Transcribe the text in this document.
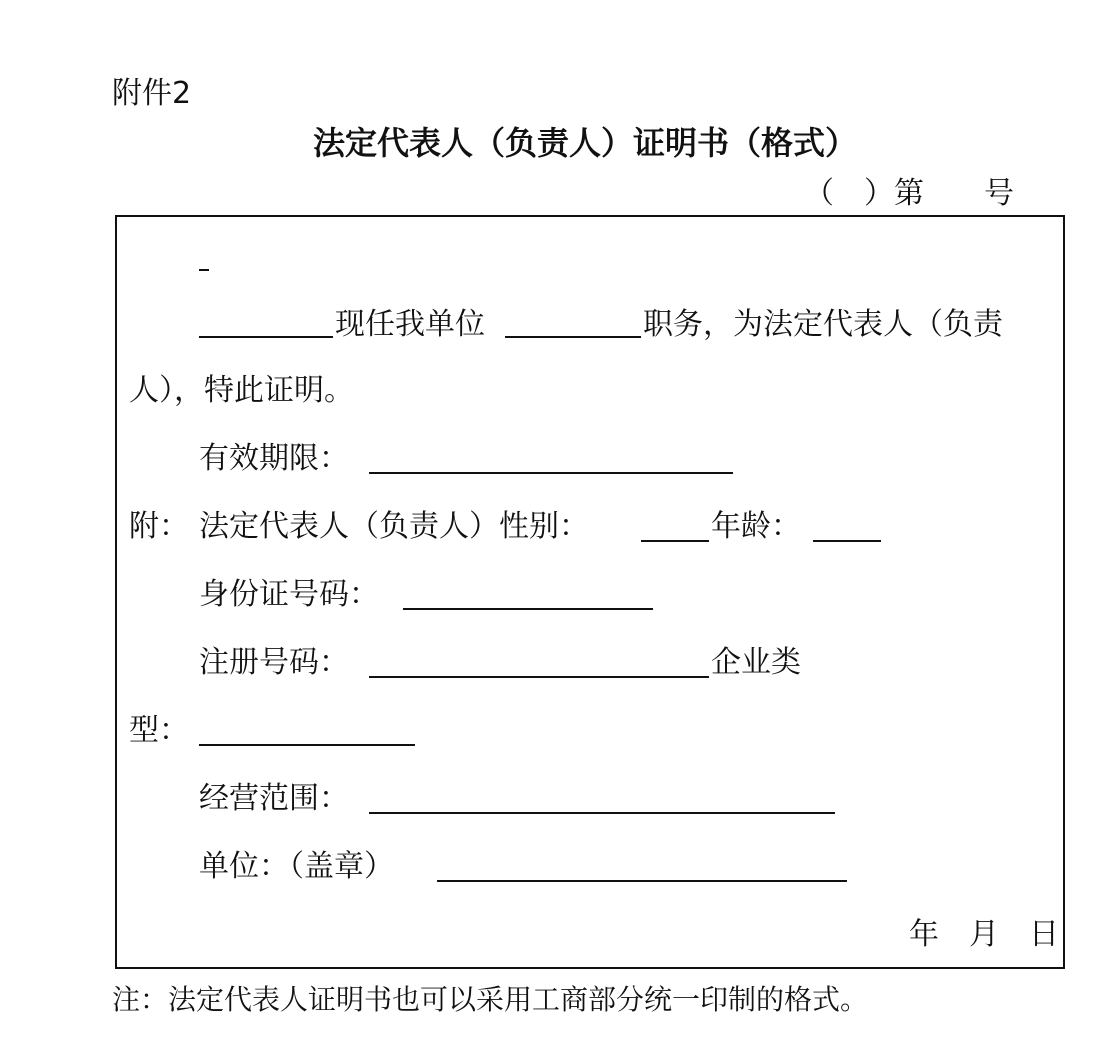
附件2
法定代表人（负责人）证明书（格式）
（　）第　　号
现任我单位	职务，为法定代表人（负责
人），特此证明。
有效期限：
附： 法定代表人（负责人）性别：	年龄：
身份证号码：
注册号码：	企业类
型：
经营范围：
单位：（盖章）
年　月　日
注：法定代表人证明书也可以采用工商部分统一印制的格式。
